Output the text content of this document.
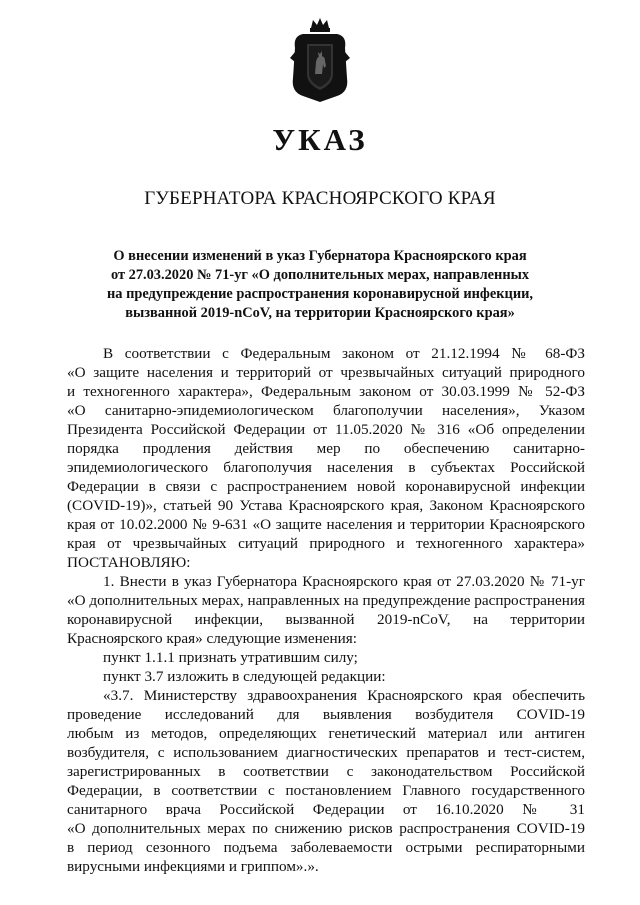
УКАЗ
ГУБЕРНАТОРА КРАСНОЯРСКОГО КРАЯ
О внесении изменений в указ Губернатора Красноярского края
от 27.03.2020 № 71-уг «О дополнительных мерах, направленных
на предупреждение распространения коронавирусной инфекции,
вызванной 2019-nCoV, на территории Красноярского края»
В соответствии с Федеральным законом от 21.12.1994 № 68-ФЗ
«О защите населения и территорий от чрезвычайных ситуаций природного
и техногенного характера», Федеральным законом от 30.03.1999 № 52-ФЗ
«О санитарно-эпидемиологическом благополучии населения», Указом
Президента Российской Федерации от 11.05.2020 № 316 «Об определении
порядка продления действия мер по обеспечению санитарно-
эпидемиологического благополучия населения в субъектах Российской
Федерации в связи с распространением новой коронавирусной инфекции
(COVID-19)», статьей 90 Устава Красноярского края, Законом Красноярского
края от 10.02.2000 № 9-631 «О защите населения и территории Красноярского
края от чрезвычайных ситуаций природного и техногенного характера»
ПОСТАНОВЛЯЮ:
1. Внести в указ Губернатора Красноярского края от 27.03.2020 № 71-уг
«О дополнительных мерах, направленных на предупреждение распространения
коронавирусной инфекции, вызванной 2019-nCoV, на территории
Красноярского края» следующие изменения:
пункт 1.1.1 признать утратившим силу;
пункт 3.7 изложить в следующей редакции:
«3.7. Министерству здравоохранения Красноярского края обеспечить
проведение исследований для выявления возбудителя COVID-19
любым из методов, определяющих генетический материал или антиген
возбудителя, с использованием диагностических препаратов и тест-систем,
зарегистрированных в соответствии с законодательством Российской
Федерации, в соответствии с постановлением Главного государственного
санитарного врача Российской Федерации от 16.10.2020 № 31
«О дополнительных мерах по снижению рисков распространения COVID-19
в период сезонного подъема заболеваемости острыми респираторными
вирусными инфекциями и гриппом».».
